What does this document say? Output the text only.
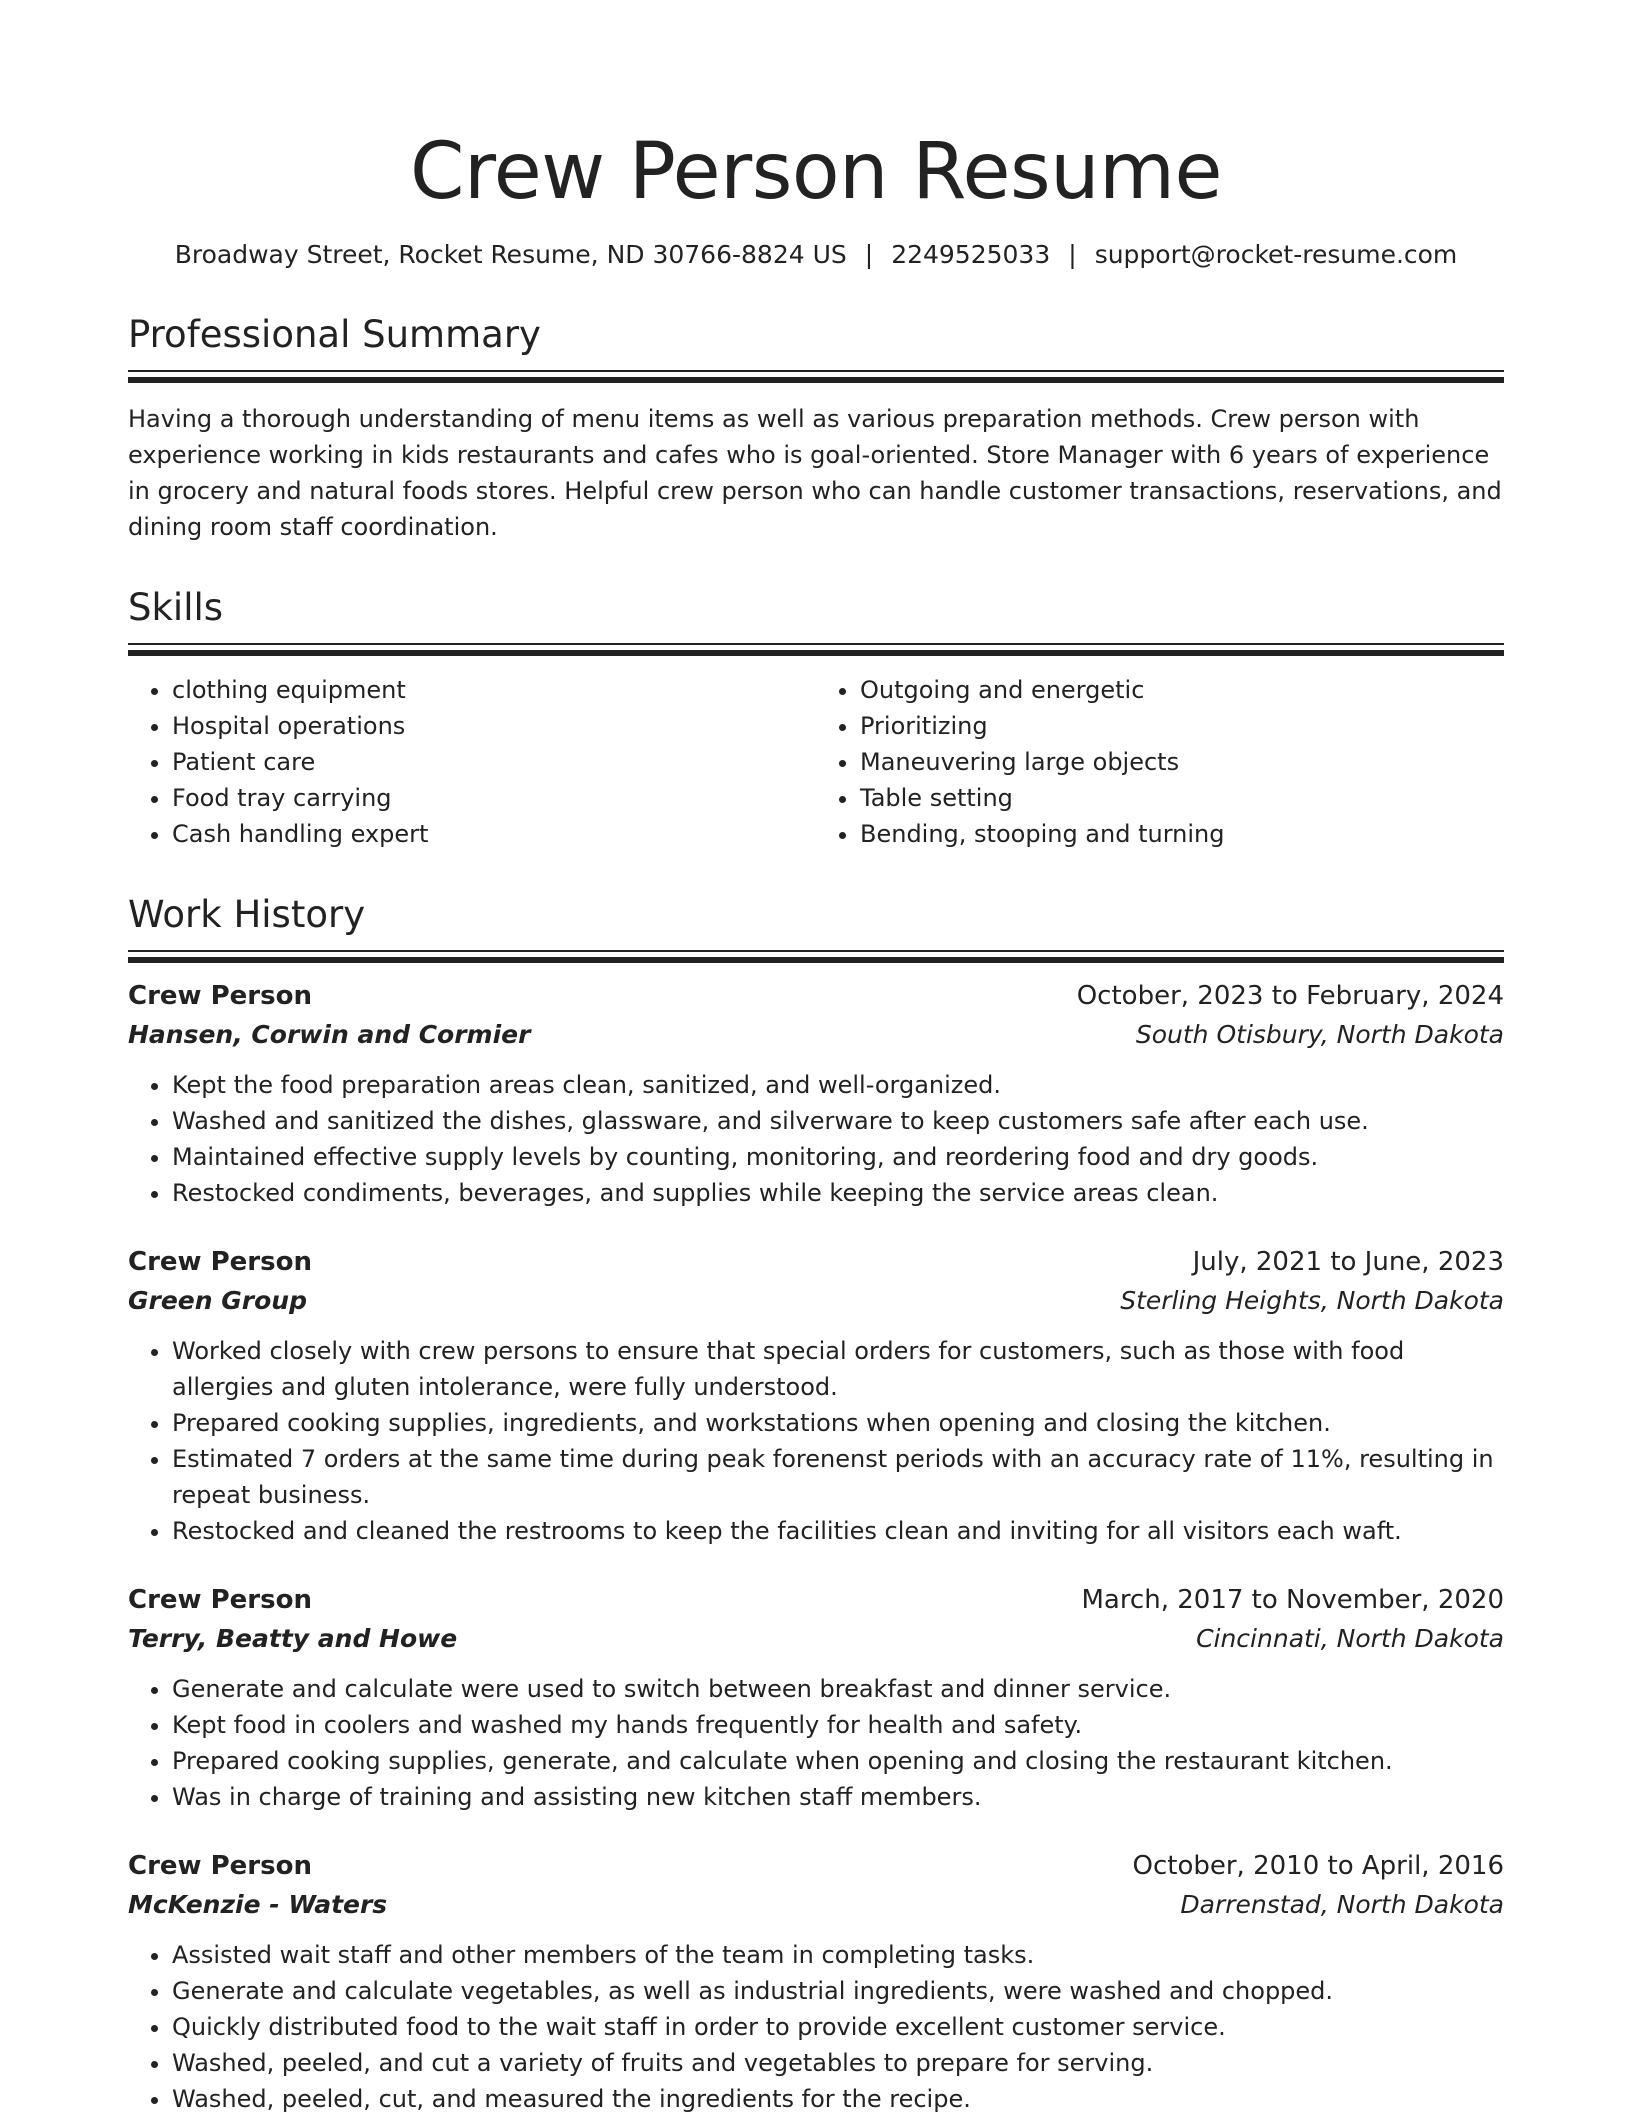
Crew Person Resume
Broadway Street, Rocket Resume, ND 30766-8824 US | 2249525033 | support@rocket-resume.com
Professional Summary
Having a thorough understanding of menu items as well as various preparation methods. Crew person with experience working in kids restaurants and cafes who is goal-oriented. Store Manager with 6 years of experience in grocery and natural foods stores. Helpful crew person who can handle customer transactions, reservations, and dining room staff coordination.
Skills
• clothing equipment
• Hospital operations
• Patient care
• Food tray carrying
• Cash handling expert
• Outgoing and energetic
• Prioritizing
• Maneuvering large objects
• Table setting
• Bending, stooping and turning
Work History
Crew Person	October, 2023 to February, 2024
Hansen, Corwin and Cormier	South Otisbury, North Dakota
• Kept the food preparation areas clean, sanitized, and well-organized.
• Washed and sanitized the dishes, glassware, and silverware to keep customers safe after each use.
• Maintained effective supply levels by counting, monitoring, and reordering food and dry goods.
• Restocked condiments, beverages, and supplies while keeping the service areas clean.
Crew Person	July, 2021 to June, 2023
Green Group	Sterling Heights, North Dakota
• Worked closely with crew persons to ensure that special orders for customers, such as those with food allergies and gluten intolerance, were fully understood.
• Prepared cooking supplies, ingredients, and workstations when opening and closing the kitchen.
• Estimated 7 orders at the same time during peak forenenst periods with an accuracy rate of 11%, resulting in repeat business.
• Restocked and cleaned the restrooms to keep the facilities clean and inviting for all visitors each waft.
Crew Person	March, 2017 to November, 2020
Terry, Beatty and Howe	Cincinnati, North Dakota
• Generate and calculate were used to switch between breakfast and dinner service.
• Kept food in coolers and washed my hands frequently for health and safety.
• Prepared cooking supplies, generate, and calculate when opening and closing the restaurant kitchen.
• Was in charge of training and assisting new kitchen staff members.
Crew Person	October, 2010 to April, 2016
McKenzie - Waters	Darrenstad, North Dakota
• Assisted wait staff and other members of the team in completing tasks.
• Generate and calculate vegetables, as well as industrial ingredients, were washed and chopped.
• Quickly distributed food to the wait staff in order to provide excellent customer service.
• Washed, peeled, and cut a variety of fruits and vegetables to prepare for serving.
• Washed, peeled, cut, and measured the ingredients for the recipe.
